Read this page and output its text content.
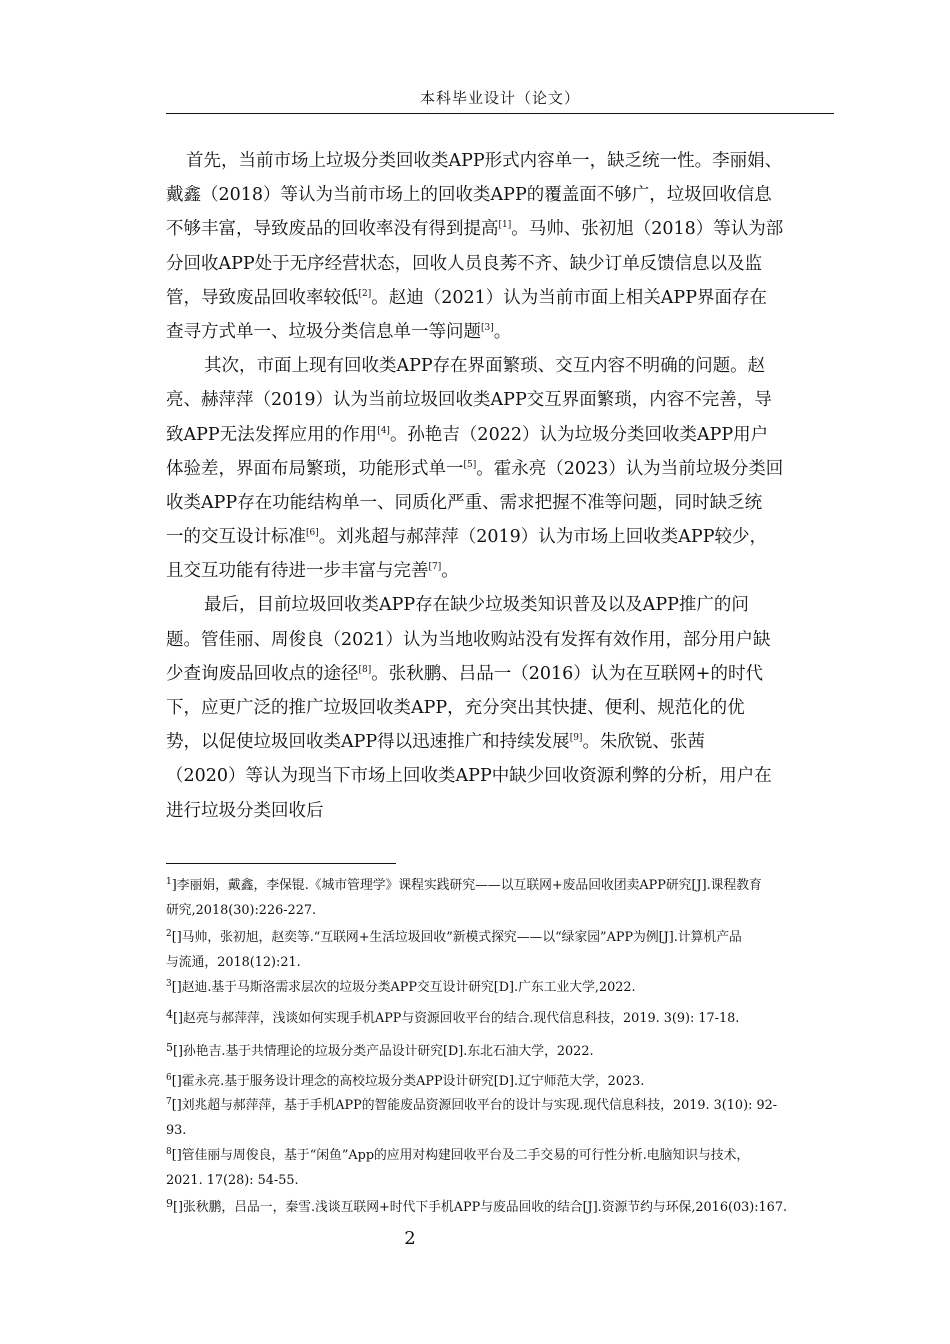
本科毕业设计（论文）
首先，当前市场上垃圾分类回收类APP形式内容单一，缺乏统一性。李丽娟、
戴鑫（2018）等认为当前市场上的回收类APP的覆盖面不够广，垃圾回收信息
不够丰富，导致废品的回收率没有得到提高[1]。马帅、张初旭（2018）等认为部
分回收APP处于无序经营状态，回收人员良莠不齐、缺少订单反馈信息以及监
管，导致废品回收率较低[2]。赵迪（2021）认为当前市面上相关APP界面存在
查寻方式单一、垃圾分类信息单一等问题[3]。
其次，市面上现有回收类APP存在界面繁琐、交互内容不明确的问题。赵
亮、赫萍萍（2019）认为当前垃圾回收类APP交互界面繁琐，内容不完善，导
致APP无法发挥应用的作用[4]。孙艳吉（2022）认为垃圾分类回收类APP用户
体验差，界面布局繁琐，功能形式单一[5]。霍永亮（2023）认为当前垃圾分类回
收类APP存在功能结构单一、同质化严重、需求把握不准等问题，同时缺乏统
一的交互设计标准[6]。刘兆超与郝萍萍（2019）认为市场上回收类APP较少，
且交互功能有待进一步丰富与完善[7]。
最后，目前垃圾回收类APP存在缺少垃圾类知识普及以及APP推广的问
题。管佳丽、周俊良（2021）认为当地收购站没有发挥有效作用，部分用户缺
少查询废品回收点的途径[8]。张秋鹏、吕品一（2016）认为在互联网+的时代
下，应更广泛的推广垃圾回收类APP，充分突出其快捷、便利、规范化的优
势，以促使垃圾回收类APP得以迅速推广和持续发展[9]。朱欣锐、张茜
（2020）等认为现当下市场上回收类APP中缺少回收资源利弊的分析，用户在
进行垃圾分类回收后
$^1$]李丽娟，戴鑫，李保锟.《城市管理学》课程实践研究——以互联网+废品回收团卖APP研究[J].课程教育
研究,2018(30):226-227.
$^2$[]马帅，张初旭，赵奕等.“互联网+生活垃圾回收”新模式探究——以“绿家园”APP为例[J].计算机产品
与流通，2018(12):21.
$^3$[]赵迪.基于马斯洛需求层次的垃圾分类APP交互设计研究[D].广东工业大学,2022.
4[]赵亮与郝萍萍，浅谈如何实现手机APP与资源回收平台的结合.现代信息科技，2019. 3(9): 17-18.
5[]孙艳吉.基于共情理论的垃圾分类产品设计研究[D].东北石油大学，2022.
$^6$[]霍永亮.基于服务设计理念的高校垃圾分类APP设计研究[D].辽宁师范大学，2023.
$^7$[]刘兆超与郝萍萍，基于手机APP的智能废品资源回收平台的设计与实现.现代信息科技，2019. 3(10): 92-
93.
$^8$[]管佳丽与周俊良，基于“闲鱼”App的应用对构建回收平台及二手交易的可行性分析.电脑知识与技术，
2021. 17(28): 54-55.
9[]张秋鹏，吕品一，秦雪.浅谈互联网+时代下手机APP与废品回收的结合[J].资源节约与环保,2016(03):167.
2
